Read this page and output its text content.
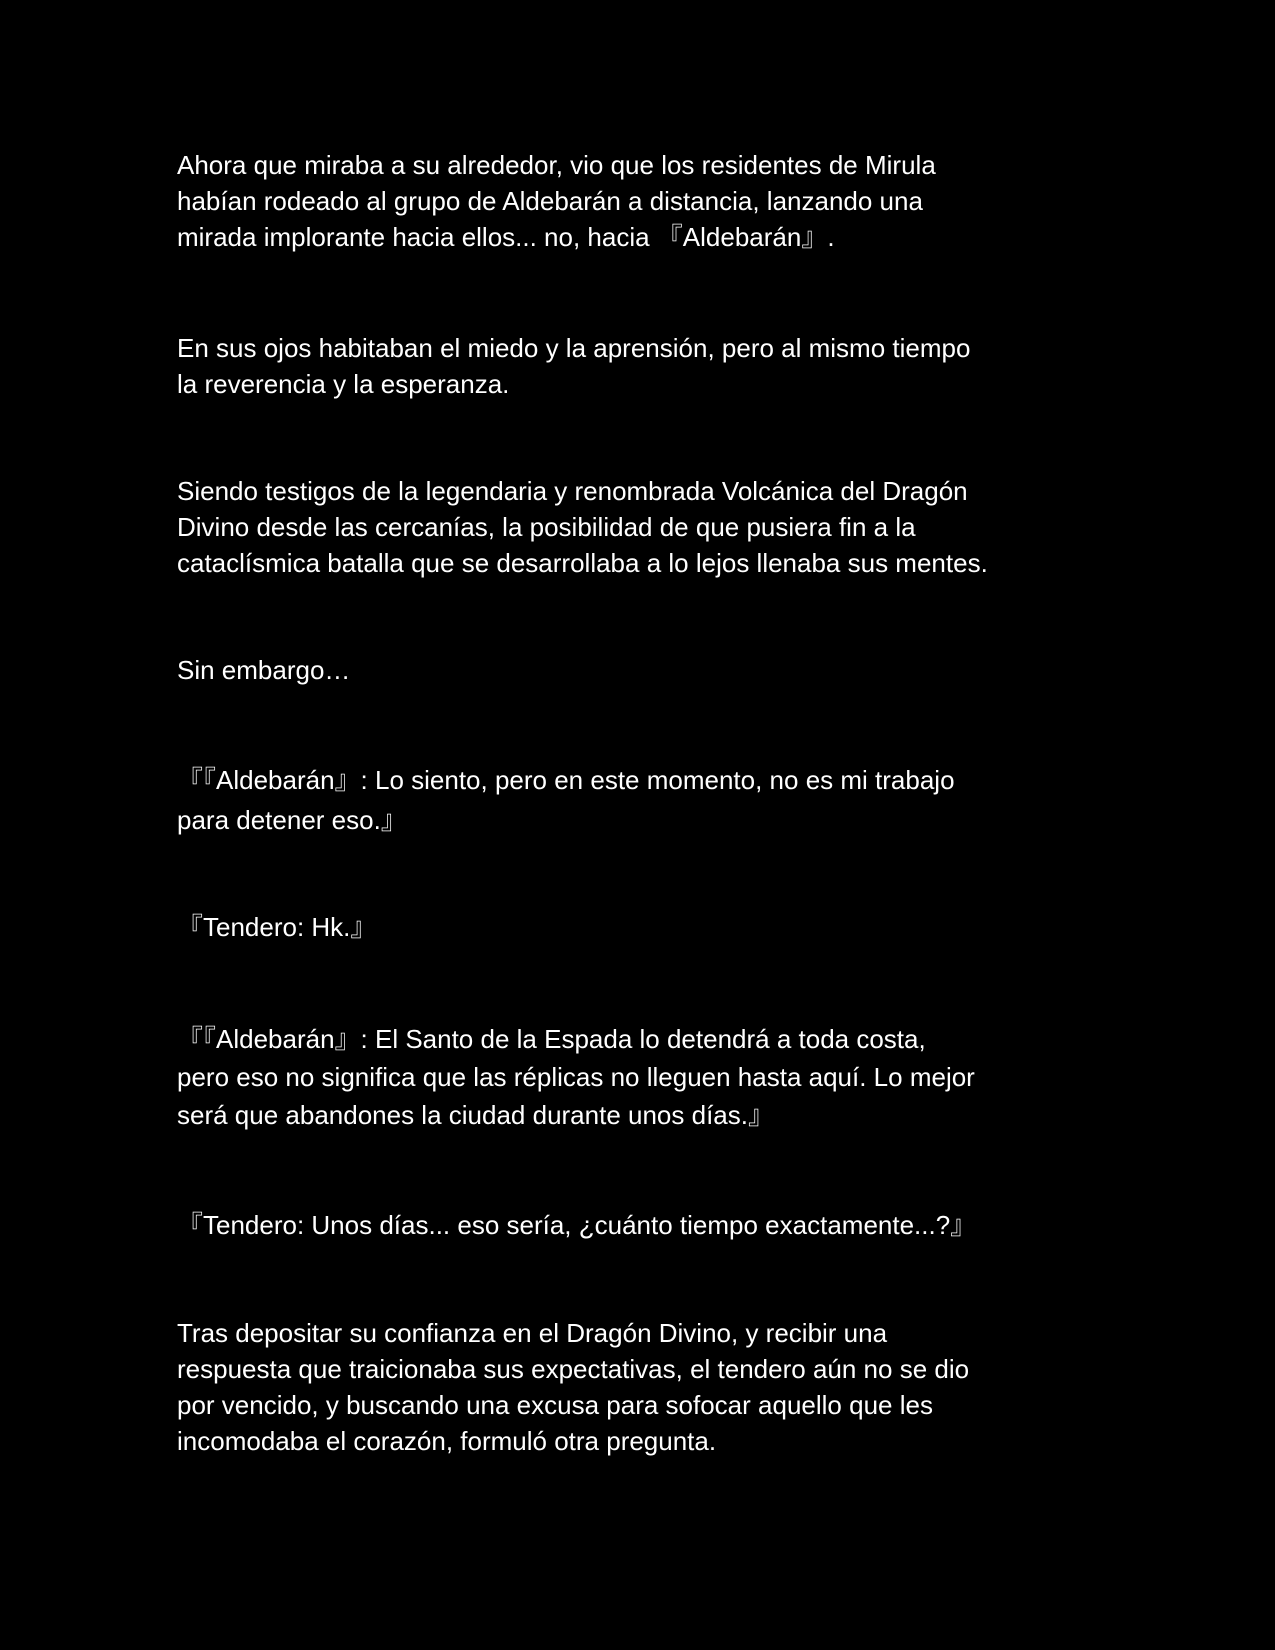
Ahora que miraba a su alrededor, vio que los residentes de Mirula
habían rodeado al grupo de Aldebarán a distancia, lanzando una
mirada implorante hacia ellos... no, hacia 『Aldebarán』.

En sus ojos habitaban el miedo y la aprensión, pero al mismo tiempo
la reverencia y la esperanza.

Siendo testigos de la legendaria y renombrada Volcánica del Dragón
Divino desde las cercanías, la posibilidad de que pusiera fin a la
cataclísmica batalla que se desarrollaba a lo lejos llenaba sus mentes.

Sin embargo…

『『Aldebarán』: Lo siento, pero en este momento, no es mi trabajo
para detener eso.』

『Tendero: Hk.』

『『Aldebarán』: El Santo de la Espada lo detendrá a toda costa,
pero eso no significa que las réplicas no lleguen hasta aquí. Lo mejor
será que abandones la ciudad durante unos días.』

『Tendero: Unos días... eso sería, ¿cuánto tiempo exactamente...?』

Tras depositar su confianza en el Dragón Divino, y recibir una
respuesta que traicionaba sus expectativas, el tendero aún no se dio
por vencido, y buscando una excusa para sofocar aquello que les
incomodaba el corazón, formuló otra pregunta.
